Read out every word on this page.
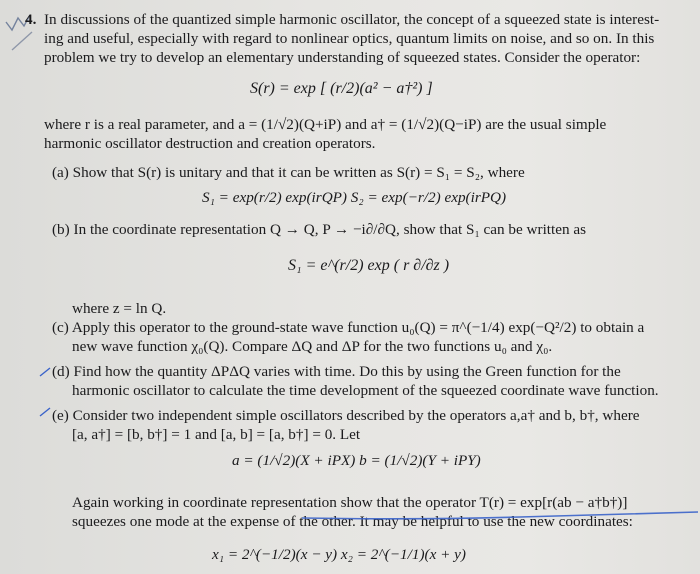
4. In discussions of the quantized simple harmonic oscillator, the concept of a squeezed state is interest-
ing and useful, especially with regard to nonlinear optics, quantum limits on noise, and so on. In this
problem we try to develop an elementary understanding of squeezed states. Consider the operator:
S(r) = exp [ (r/2)(a² − a†²) ]
where r is a real parameter, and a = (1/√2)(Q+iP) and a† = (1/√2)(Q−iP) are the usual simple
harmonic oscillator destruction and creation operators.
(a) Show that S(r) is unitary and that it can be written as S(r) = S₁ = S₂, where
S₁ = exp(r/2) exp(irQP) S₂ = exp(−r/2) exp(irPQ)
(b) In the coordinate representation Q → Q, P → −i∂/∂Q, show that S₁ can be written as
S₁ = e^(r/2) exp ( r ∂/∂z )
where z = ln Q.
(c) Apply this operator to the ground-state wave function u₀(Q) = π^(−1/4) exp(−Q²/2) to obtain a
new wave function χ₀(Q). Compare ΔQ and ΔP for the two functions u₀ and χ₀.
(d) Find how the quantity ΔPΔQ varies with time. Do this by using the Green function for the
harmonic oscillator to calculate the time development of the squeezed coordinate wave function.
(e) Consider two independent simple oscillators described by the operators a,a† and b, b†, where
[a, a†] = [b, b†] = 1 and [a, b] = [a, b†] = 0. Let
a = (1/√2)(X + iPX) b = (1/√2)(Y + iPY)
Again working in coordinate representation show that the operator T(r) = exp[r(ab − a†b†)]
squeezes one mode at the expense of the other. It may be helpful to use the new coordinates:
x₁ = 2^(−1/2)(x − y) x₂ = 2^(−1/1)(x + y)
